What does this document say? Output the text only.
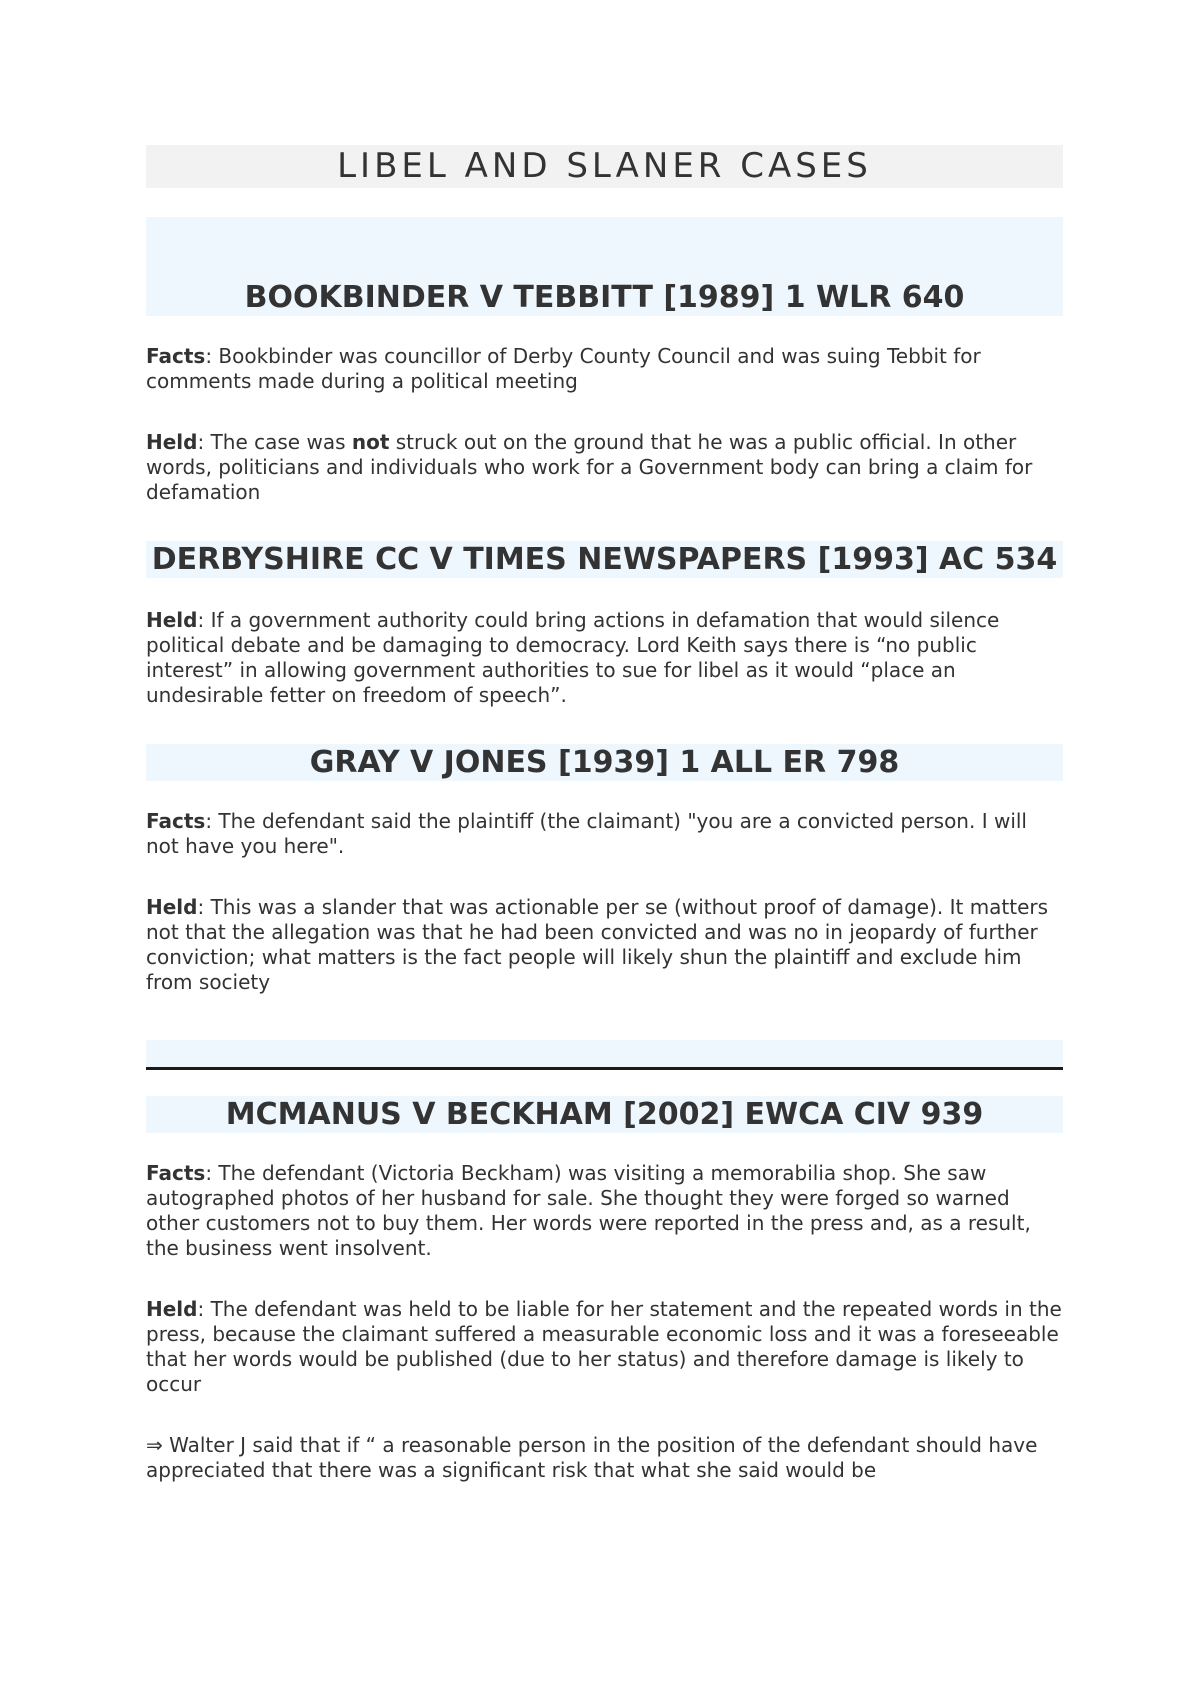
LIBEL AND SLANER CASES
BOOKBINDER V TEBBITT [1989] 1 WLR 640

Facts: Bookbinder was councillor of Derby County Council and was suing Tebbit for comments made during a political meeting

Held: The case was not struck out on the ground that he was a public official. In other words, politicians and individuals who work for a Government body can bring a claim for defamation

DERBYSHIRE CC V TIMES NEWSPAPERS [1993] AC 534

Held: If a government authority could bring actions in defamation that would silence political debate and be damaging to democracy. Lord Keith says there is “no public interest” in allowing government authorities to sue for libel as it would “place an undesirable fetter on freedom of speech”.

GRAY V JONES [1939] 1 ALL ER 798

Facts: The defendant said the plaintiff (the claimant) "you are a convicted person. I will not have you here".

Held: This was a slander that was actionable per se (without proof of damage). It matters not that the allegation was that he had been convicted and was no in jeopardy of further conviction; what matters is the fact people will likely shun the plaintiff and exclude him from society

MCMANUS V BECKHAM [2002] EWCA CIV 939

Facts: The defendant (Victoria Beckham) was visiting a memorabilia shop. She saw autographed photos of her husband for sale. She thought they were forged so warned other customers not to buy them. Her words were reported in the press and, as a result, the business went insolvent.

Held: The defendant was held to be liable for her statement and the repeated words in the press, because the claimant suffered a measurable economic loss and it was a foreseeable that her words would be published (due to her status) and therefore damage is likely to occur

⇒ Walter J said that if “ a reasonable person in the position of the defendant should have appreciated that there was a significant risk that what she said would be
